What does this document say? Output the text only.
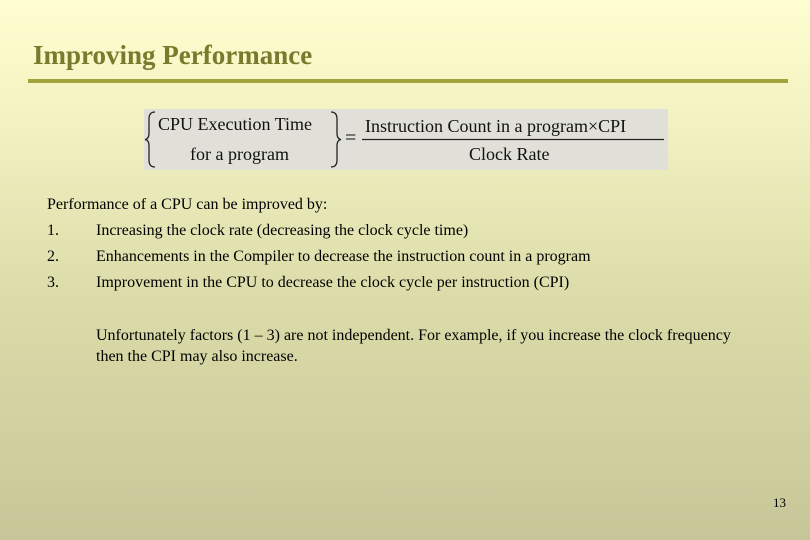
Improving Performance
CPU Execution Time
for a program
=
Instruction Count in a program×CPI
Clock Rate
Performance of a CPU can be improved by:
1. Increasing the clock rate (decreasing the clock cycle time)
2. Enhancements in the Compiler to decrease the instruction count in a program
3. Improvement in the CPU to decrease the clock cycle per instruction (CPI)
Unfortunately factors (1 – 3) are not independent. For example, if you increase the clock frequency then the CPI may also increase.
13
